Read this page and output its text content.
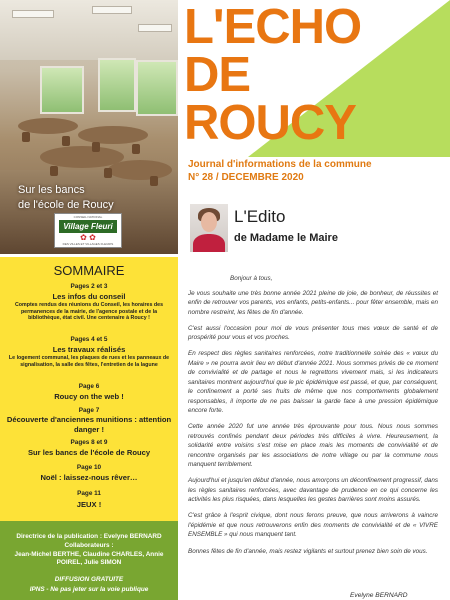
Sur les bancs
de l'école de Roucy
CONSEIL NATIONAL
Village Fleuri
✿ ✿
DES VILLES ET VILLAGES FLEURIS
L'ECHO
DE
ROUCY
Journal d'informations de la commune
N° 28 / DECEMBRE 2020
L'Edito
de Madame le Maire

Bonjour à tous,

Je vous souhaite une très bonne année 2021 pleine de joie, de bonheur, de réussites et enfin de retrouver vos parents, vos enfants, petits-enfants... pour fêter ensemble, mais en nombre restreint, les fêtes de fin d'année.

C'est aussi l'occasion pour moi de vous présenter tous mes vœux de santé et de prospérité pour vous et vos proches.

En respect des règles sanitaires renforcées, notre traditionnelle soirée des « vœux du Maire » ne pourra avoir lieu en début d'année 2021. Nous sommes privés de ce moment de convivialité et de partage et nous le regrettons vivement mais, si les indicateurs sanitaires montrent aujourd'hui que le pic épidémique est passé, et que, par conséquent, le confinement a porté ses fruits de même que nos comportements globalement responsables, il importe de ne pas baisser la garde face à une pression épidémique encore forte.

Cette année 2020 fut une année très éprouvante pour tous. Nous nous sommes retrouvés confinés pendant deux périodes très difficiles à vivre. Heureusement, la solidarité entre voisins s'est mise en place mais les moments de convivialité et de rencontre organisés par les associations de notre village ou par la commune nous manquent terriblement.

Aujourd'hui et jusqu'en début d'année, nous amorçons un déconfinement progressif, dans les règles sanitaires renforcées, avec davantage de prudence en ce qui concerne les activités les plus risquées, dans lesquelles les gestes barrières sont moins assurés.

C'est grâce à l'esprit civique, dont nous ferons preuve, que nous arriverons à vaincre l'épidémie et que nous retrouverons enfin des moments de convivialité et de « VIVRE ENSEMBLE » qui nous manquent tant.

Bonnes fêtes de fin d'année, mais restez vigilants et surtout prenez bien soin de vous.

Evelyne BERNARD
SOMMAIRE
Pages 2 et 3
Les infos du conseil
Comptes rendus des réunions du Conseil, les horaires des permanences de la mairie, de l'agence postale et de la bibliothèque, état civil. Une centenaire à Roucy !
Pages 4 et 5
Les travaux réalisés
Le logement communal, les plaques de rues et les panneaux de signalisation, la salle des fêtes, l'entretien de la lagune
Page 6
Roucy on the web !
Page 7
Découverte d'anciennes munitions : attention danger !
Pages 8 et 9
Sur les bancs de l'école de Roucy
Page 10
Noël : laissez-nous rêver…
Page 11
JEUX !
Directrice de la publication : Evelyne BERNARD
Collaborateurs :
Jean-Michel BERTHE, Claudine CHARLES, Annie POIREL, Julie SIMON
DIFFUSION GRATUITE
IPNS - Ne pas jeter sur la voie publique
